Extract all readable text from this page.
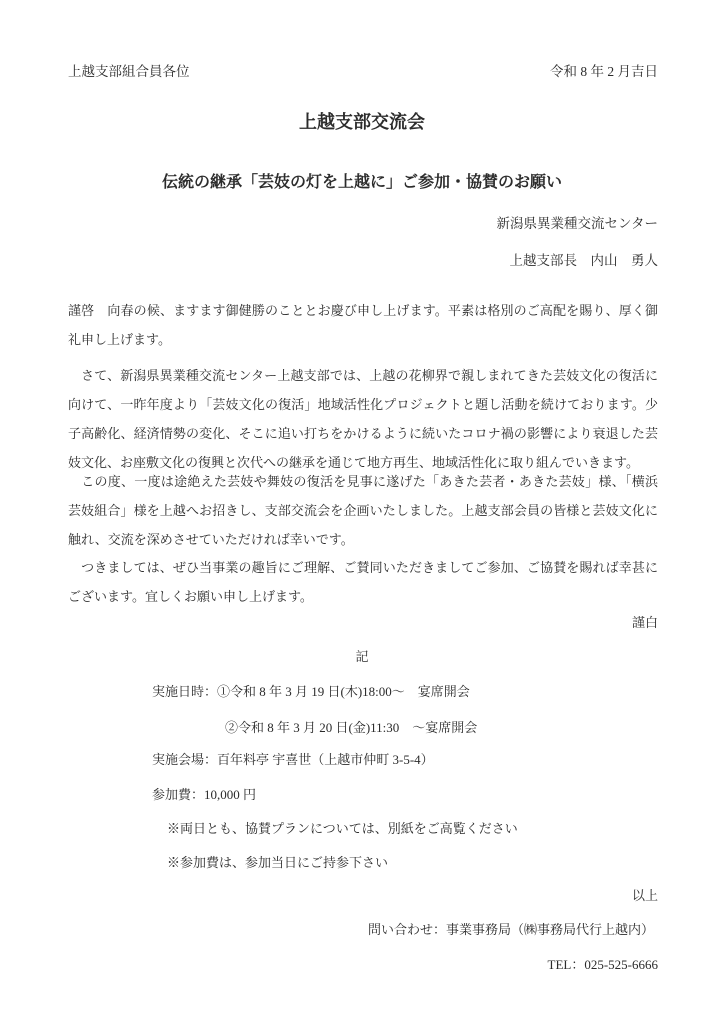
上越支部組合員各位	令和 8 年 2 月吉日
上越支部交流会
伝統の継承「芸妓の灯を上越に」ご参加・協賛のお願い
新潟県異業種交流センター
上越支部長　内山　勇人
謹啓　向春の候、ますます御健勝のこととお慶び申し上げます。平素は格別のご高配を賜り、厚く御礼申し上げます。
　さて、新潟県異業種交流センター上越支部では、上越の花柳界で親しまれてきた芸妓文化の復活に向けて、一昨年度より「芸妓文化の復活」地域活性化プロジェクトと題し活動を続けております。少子高齢化、経済情勢の変化、そこに追い打ちをかけるように続いたコロナ禍の影響により衰退した芸妓文化、お座敷文化の復興と次代への継承を通じて地方再生、地域活性化に取り組んでいきます。
　この度、一度は途絶えた芸妓や舞妓の復活を見事に遂げた「あきた芸者・あきた芸妓」様、「横浜芸妓組合」様を上越へお招きし、支部交流会を企画いたしました。上越支部会員の皆様と芸妓文化に触れ、交流を深めさせていただければ幸いです。
　つきましては、ぜひ当事業の趣旨にご理解、ご賛同いただきましてご参加、ご協賛を賜れば幸甚にございます。宜しくお願い申し上げます。
謹白
記
実施日時：①令和 8 年 3 月 19 日(木)18:00～　宴席開会
②令和 8 年 3 月 20 日(金)11:30　～宴席開会
実施会場：百年料亭 宇喜世（上越市仲町 3-5-4）
参加費：10,000 円
※両日とも、協賛プランについては、別紙をご高覧ください
※参加費は、参加当日にご持参下さい
以上
問い合わせ：事業事務局（㈱事務局代行上越内）
TEL：025-525-6666
